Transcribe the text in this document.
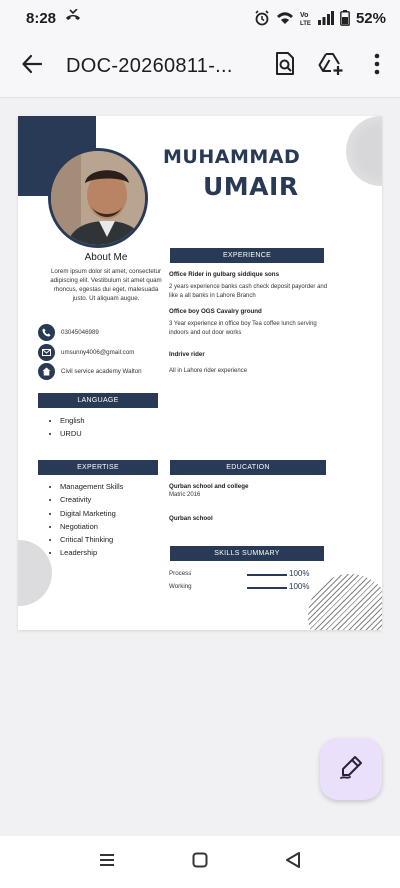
8:28	Vo
LTE	52%
DOC-20260811-...
MUHAMMAD
UMAIR
About Me
Lorem ipsum dolor sit amet, consectetur adipiscing elit. Vestibulum sit amet quam rhoncus, egestas dui eget, malesuada justo. Ut aliquam augue.
03045046989
umsunny4006@gmail.com
Civil service academy Walton
LANGUAGE
• English
• URDU
EXPERTISE
• Management Skills
• Creativity
• Digital Marketing
• Negotiation
• Critical Thinking
• Leadership
EXPERIENCE
Office Rider in gulbarg siddique sons
2 years experience banks cash check deposit payorder and like a all banks in Lahore Branch
Office boy OGS Cavalry ground
3 Year experience in office boy Tea coffee lunch serving indoors and out door works
Indrive rider
All in Lahore rider experience
EDUCATION
Qurban school and college
Matric 2016
Qurban school
SKILLS SUMMARY
Process	100%
Working	100%
